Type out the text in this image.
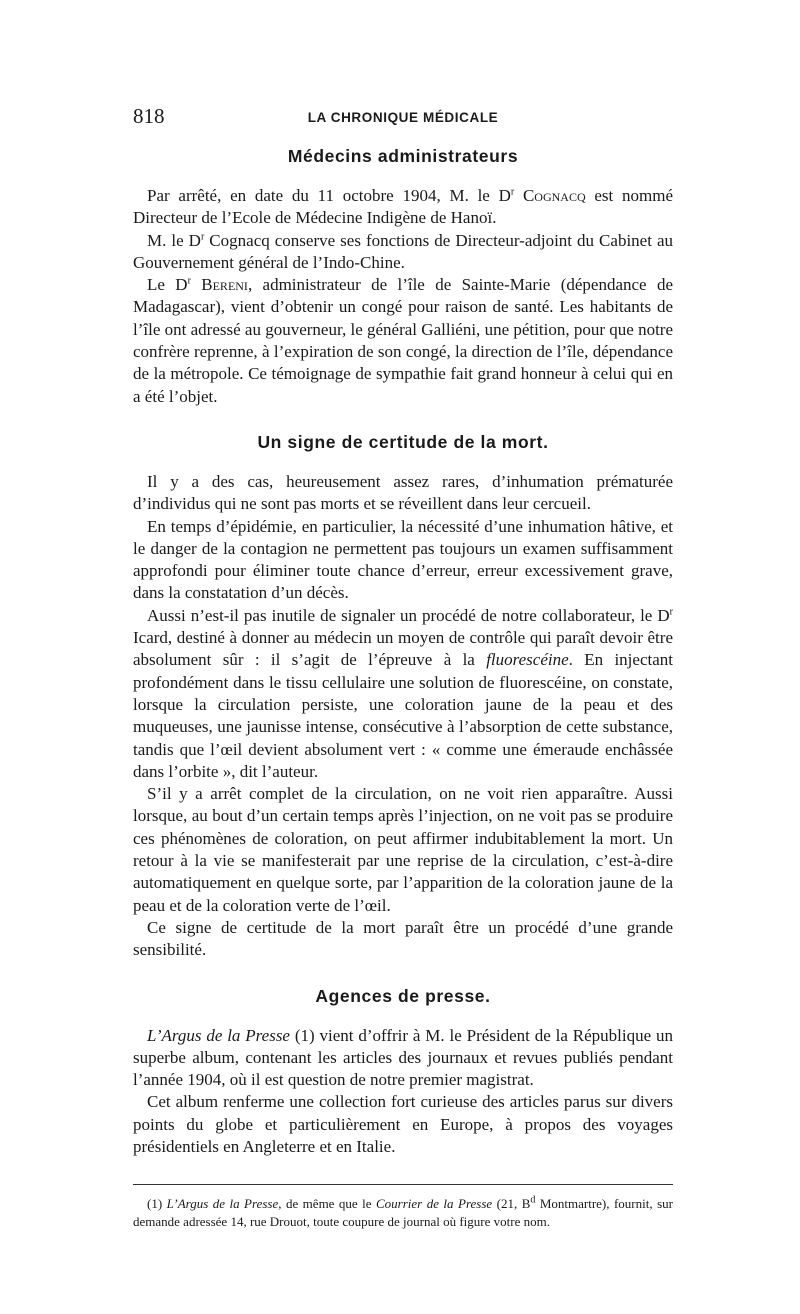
818	LA CHRONIQUE MÉDICALE
Médecins administrateurs

Par arrêté, en date du 11 octobre 1904, M. le $D^r$ Cognacq est nommé Directeur de l’Ecole de Médecine Indigène de Hanoï.

M. le $D^r$ Cognacq conserve ses fonctions de Directeur-adjoint du Cabinet au Gouvernement général de l’Indo-Chine.

Le $D^r$ Bereni, administrateur de l’île de Sainte-Marie (dépendance de Madagascar), vient d’obtenir un congé pour raison de santé. Les habitants de l’île ont adressé au gouverneur, le général Galliéni, une pétition, pour que notre confrère reprenne, à l’expiration de son congé, la direction de l’île, dépendance de la métropole. Ce témoignage de sympathie fait grand honneur à celui qui en a été l’objet.

Un signe de certitude de la mort.

Il y a des cas, heureusement assez rares, d’inhumation prématurée d’individus qui ne sont pas morts et se réveillent dans leur cercueil.

En temps d’épidémie, en particulier, la nécessité d’une inhumation hâtive, et le danger de la contagion ne permettent pas toujours un examen suffisamment approfondi pour éliminer toute chance d’erreur, erreur excessivement grave, dans la constatation d’un décès.

Aussi n’est-il pas inutile de signaler un procédé de notre collaborateur, le $D^r$ Icard, destiné à donner au médecin un moyen de contrôle qui paraît devoir être absolument sûr : il s’agit de l’épreuve à la fluorescéine. En injectant profondément dans le tissu cellulaire une solution de fluorescéine, on constate, lorsque la circulation persiste, une coloration jaune de la peau et des muqueuses, une jaunisse intense, consécutive à l’absorption de cette substance, tandis que l’œil devient absolument vert : « comme une émeraude enchâssée dans l’orbite », dit l’auteur.

S’il y a arrêt complet de la circulation, on ne voit rien apparaître. Aussi lorsque, au bout d’un certain temps après l’injection, on ne voit pas se produire ces phénomènes de coloration, on peut affirmer indubitablement la mort. Un retour à la vie se manifesterait par une reprise de la circulation, c’est-à-dire automatiquement en quelque sorte, par l’apparition de la coloration jaune de la peau et de la coloration verte de l’œil.

Ce signe de certitude de la mort paraît être un procédé d’une grande sensibilité.

Agences de presse.

L’Argus de la Presse (1) vient d’offrir à M. le Président de la République un superbe album, contenant les articles des journaux et revues publiés pendant l’année 1904, où il est question de notre premier magistrat.

Cet album renferme une collection fort curieuse des articles parus sur divers points du globe et particulièrement en Europe, à propos des voyages présidentiels en Angleterre et en Italie.

(1) L’Argus de la Presse, de même que le Courrier de la Presse (21, $B^d$ Montmartre), fournit, sur demande adressée 14, rue Drouot, toute coupure de journal où figure votre nom.
